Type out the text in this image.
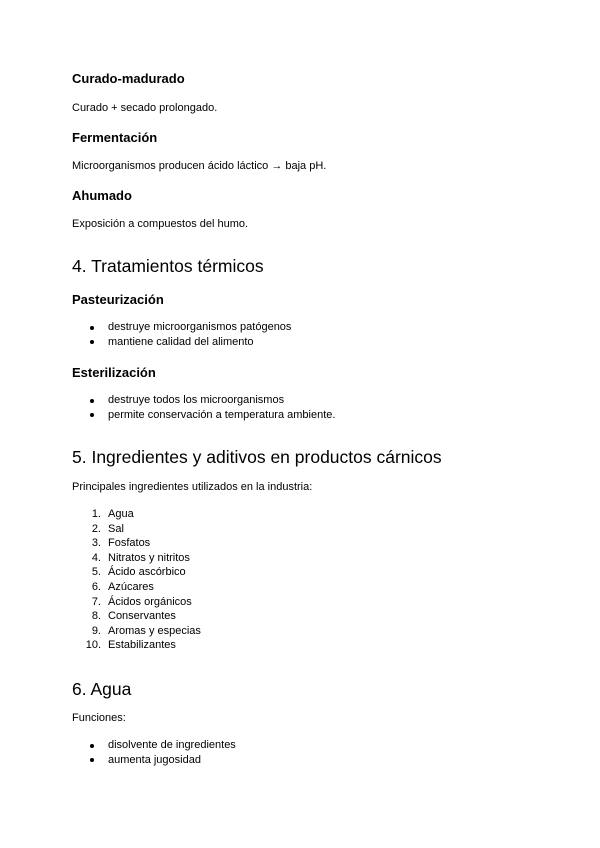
Curado-madurado
Curado + secado prolongado.
Fermentación
Microorganismos producen ácido láctico → baja pH.
Ahumado
Exposición a compuestos del humo.
4. Tratamientos térmicos
Pasteurización
destruye microorganismos patógenos
mantiene calidad del alimento
Esterilización
destruye todos los microorganismos
permite conservación a temperatura ambiente.
5. Ingredientes y aditivos en productos cárnicos
Principales ingredientes utilizados en la industria:
1. Agua
2. Sal
3. Fosfatos
4. Nitratos y nitritos
5. Ácido ascórbico
6. Azúcares
7. Ácidos orgánicos
8. Conservantes
9. Aromas y especias
10. Estabilizantes
6. Agua
Funciones:
disolvente de ingredientes
aumenta jugosidad
